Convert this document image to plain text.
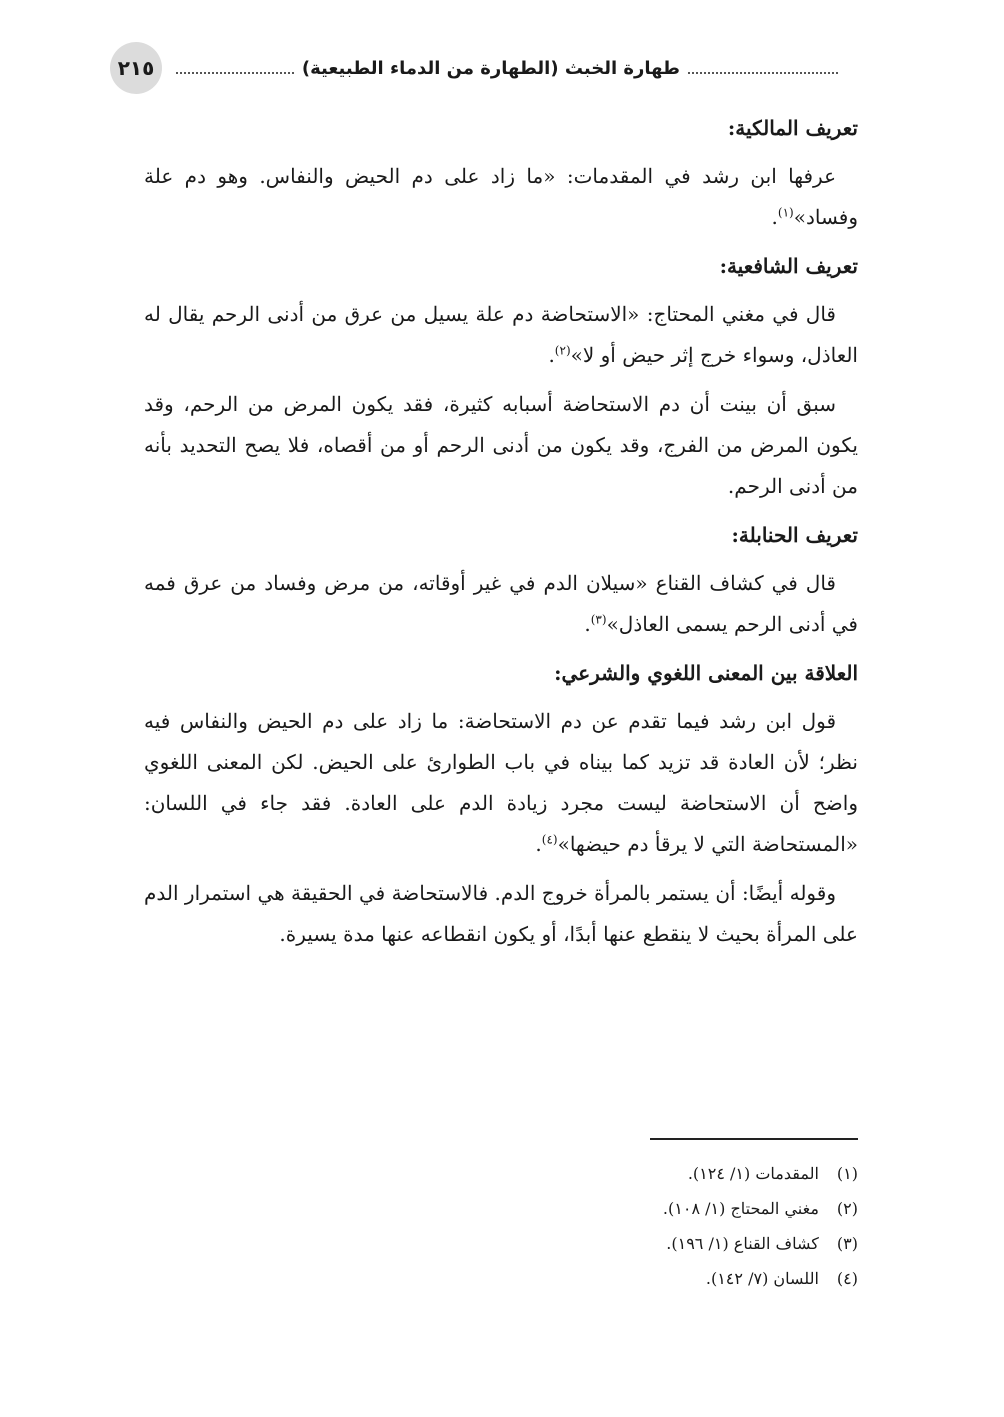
طهارة الخبث (الطهارة من الدماء الطبيعية)
٢١٥

تعريف المالكية:

عرفها ابن رشد في المقدمات: «ما زاد على دم الحيض والنفاس. وهو دم علة وفساد»$^{(١)}$.

تعريف الشافعية:

قال في مغني المحتاج: «الاستحاضة دم علة يسيل من عرق من أدنى الرحم يقال له العاذل، وسواء خرج إثر حيض أو لا»$^{(٢)}$.

سبق أن بينت أن دم الاستحاضة أسبابه كثيرة، فقد يكون المرض من الرحم، وقد يكون المرض من الفرج، وقد يكون من أدنى الرحم أو من أقصاه، فلا يصح التحديد بأنه من أدنى الرحم.

تعريف الحنابلة:

قال في كشاف القناع «سيلان الدم في غير أوقاته، من مرض وفساد من عرق فمه في أدنى الرحم يسمى العاذل»$^{(٣)}$.

العلاقة بين المعنى اللغوي والشرعي:

قول ابن رشد فيما تقدم عن دم الاستحاضة: ما زاد على دم الحيض والنفاس فيه نظر؛ لأن العادة قد تزيد كما بيناه في باب الطوارئ على الحيض. لكن المعنى اللغوي واضح أن الاستحاضة ليست مجرد زيادة الدم على العادة. فقد جاء في اللسان: «المستحاضة التي لا يرقأ دم حيضها»$^{(٤)}$.

وقوله أيضًا: أن يستمر بالمرأة خروج الدم. فالاستحاضة في الحقيقة هي استمرار الدم على المرأة بحيث لا ينقطع عنها أبدًا، أو يكون انقطاعه عنها مدة يسيرة.

(١) المقدمات (١/ ١٢٤).
(٢) مغني المحتاج (١/ ١٠٨).
(٣) كشاف القناع (١/ ١٩٦).
(٤) اللسان (٧/ ١٤٢).
